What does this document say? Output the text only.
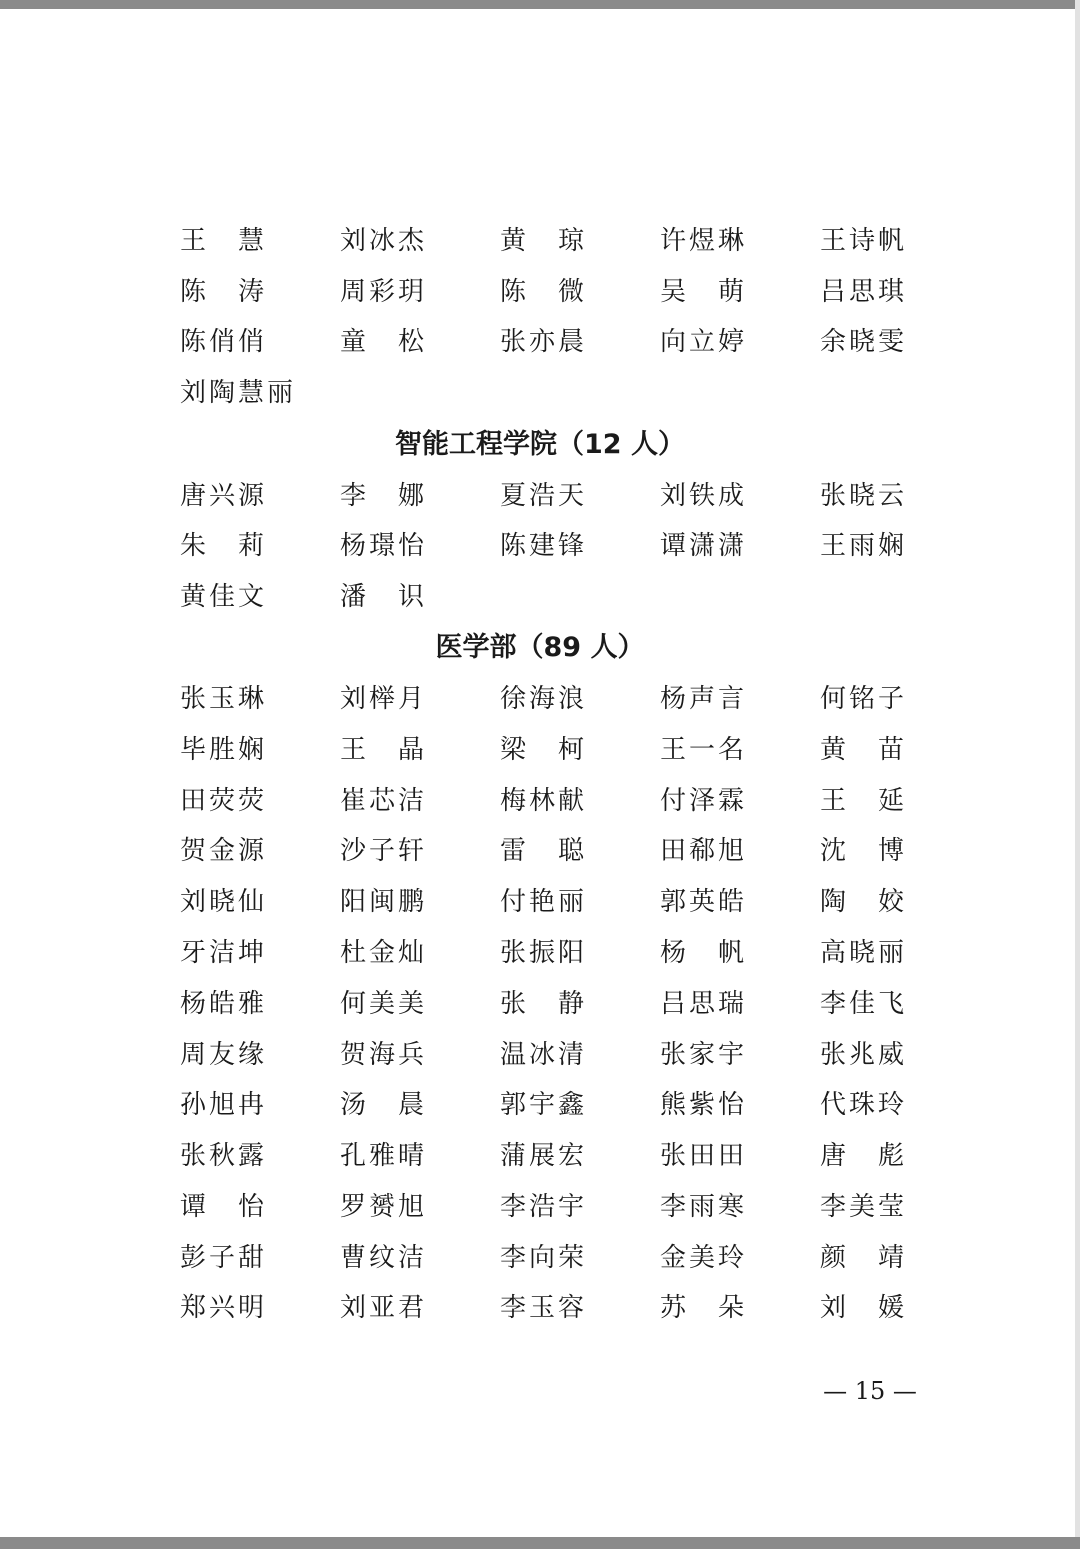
王　慧	刘冰杰	黄　琼	许煜琳	王诗帆
陈　涛	周彩玥	陈　微	吴　萌	吕思琪
陈俏俏	童　松	张亦晨	向立婷	余晓雯
刘陶慧丽
智能工程学院（12 人）
唐兴源	李　娜	夏浩天	刘铁成	张晓云
朱　莉	杨璟怡	陈建锋	谭潇潇	王雨娴
黄佳文	潘　识
医学部（89 人）
张玉琳	刘榉月	徐海浪	杨声言	何铭子
毕胜娴	王　晶	梁　柯	王一名	黄　苗
田荧荧	崔芯洁	梅林献	付泽霖	王　延
贺金源	沙子轩	雷　聪	田郗旭	沈　博
刘晓仙	阳闽鹏	付艳丽	郭英皓	陶　姣
牙洁坤	杜金灿	张振阳	杨　帆	高晓丽
杨皓雅	何美美	张　静	吕思瑞	李佳飞
周友缘	贺海兵	温冰清	张家宇	张兆威
孙旭冉	汤　晨	郭宇鑫	熊紫怡	代珠玲
张秋露	孔雅晴	蒲展宏	张田田	唐　彪
谭　怡	罗赟旭	李浩宇	李雨寒	李美莹
彭子甜	曹纹洁	李向荣	金美玲	颜　靖
郑兴明	刘亚君	李玉容	苏　朵	刘　媛
— 15 —
